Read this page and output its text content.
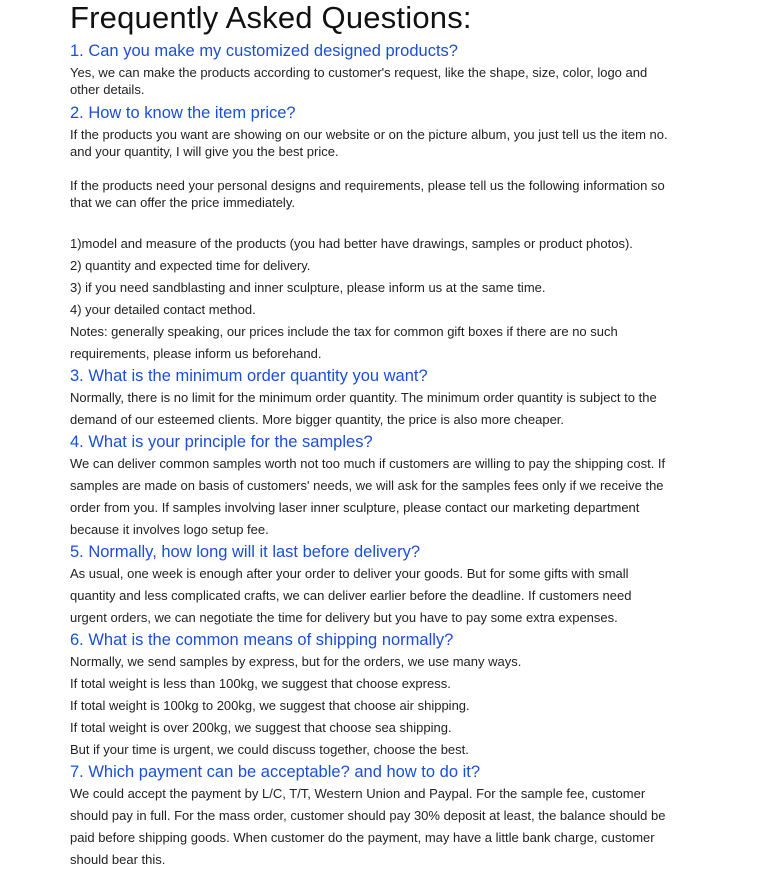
Frequently Asked Questions:

1. Can you make my customized designed products?

Yes, we can make the products according to customer's request, like the shape, size, color, logo and

other details.

2. How to know the item price?

If the products you want are showing on our website or on the picture album, you just tell us the item no.

and your quantity, I will give you the best price.

If the products need your personal designs and requirements, please tell us the following information so

that we can offer the price immediately.

1)model and measure of the products (you had better have drawings, samples or product photos).

2) quantity and expected time for delivery.

3) if you need sandblasting and inner sculpture, please inform us at the same time.

4) your detailed contact method.

Notes: generally speaking, our prices include the tax for common gift boxes if there are no such

requirements, please inform us beforehand.

3. What is the minimum order quantity you want?

Normally, there is no limit for the minimum order quantity. The minimum order quantity is subject to the

demand of our esteemed clients. More bigger quantity, the price is also more cheaper.

4. What is your principle for the samples?

We can deliver common samples worth not too much if customers are willing to pay the shipping cost. If

samples are made on basis of customers' needs, we will ask for the samples fees only if we receive the

order from you. If samples involving laser inner sculpture, please contact our marketing department

because it involves logo setup fee.

5. Normally, how long will it last before delivery?

As usual, one week is enough after your order to deliver your goods. But for some gifts with small

quantity and less complicated crafts, we can deliver earlier before the deadline. If customers need

urgent orders, we can negotiate the time for delivery but you have to pay some extra expenses.

6. What is the common means of shipping normally?

Normally, we send samples by express, but for the orders, we use many ways.

If total weight is less than 100kg, we suggest that choose express.

If total weight is 100kg to 200kg, we suggest that choose air shipping.

If total weight is over 200kg, we suggest that choose sea shipping.

But if your time is urgent, we could discuss together, choose the best.

7. Which payment can be acceptable? and how to do it?

We could accept the payment by L/C, T/T, Western Union and Paypal. For the sample fee, customer

should pay in full. For the mass order, customer should pay 30% deposit at least, the balance should be

paid before shipping goods. When customer do the payment, may have a little bank charge, customer

should bear this.
